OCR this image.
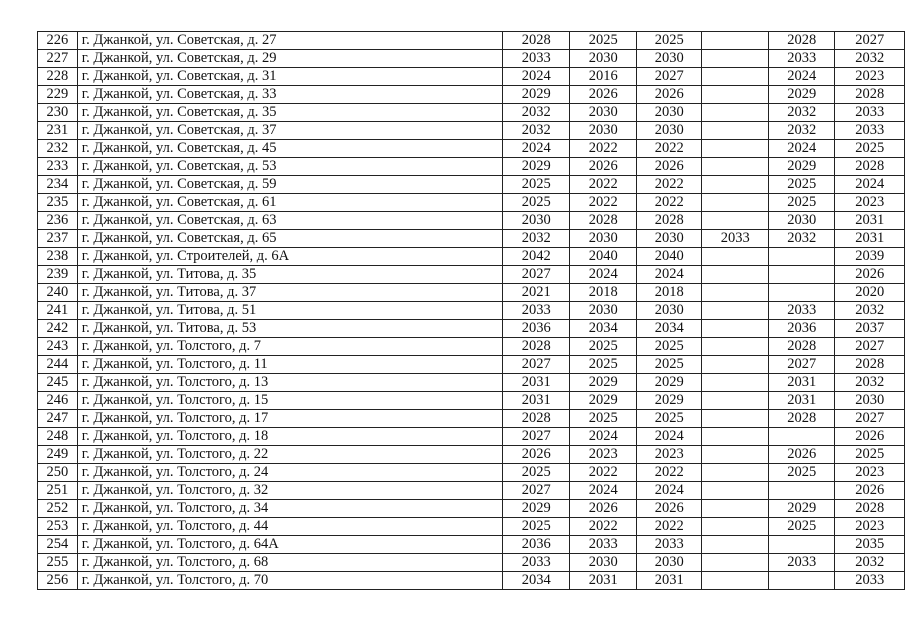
226	г. Джанкой, ул. Советская, д. 27	2028	2025	2025		2028	2027
227	г. Джанкой, ул. Советская, д. 29	2033	2030	2030		2033	2032
228	г. Джанкой, ул. Советская, д. 31	2024	2016	2027		2024	2023
229	г. Джанкой, ул. Советская, д. 33	2029	2026	2026		2029	2028
230	г. Джанкой, ул. Советская, д. 35	2032	2030	2030		2032	2033
231	г. Джанкой, ул. Советская, д. 37	2032	2030	2030		2032	2033
232	г. Джанкой, ул. Советская, д. 45	2024	2022	2022		2024	2025
233	г. Джанкой, ул. Советская, д. 53	2029	2026	2026		2029	2028
234	г. Джанкой, ул. Советская, д. 59	2025	2022	2022		2025	2024
235	г. Джанкой, ул. Советская, д. 61	2025	2022	2022		2025	2023
236	г. Джанкой, ул. Советская, д. 63	2030	2028	2028		2030	2031
237	г. Джанкой, ул. Советская, д. 65	2032	2030	2030	2033	2032	2031
238	г. Джанкой, ул. Строителей, д. 6А	2042	2040	2040			2039
239	г. Джанкой, ул. Титова, д. 35	2027	2024	2024			2026
240	г. Джанкой, ул. Титова, д. 37	2021	2018	2018			2020
241	г. Джанкой, ул. Титова, д. 51	2033	2030	2030		2033	2032
242	г. Джанкой, ул. Титова, д. 53	2036	2034	2034		2036	2037
243	г. Джанкой, ул. Толстого, д. 7	2028	2025	2025		2028	2027
244	г. Джанкой, ул. Толстого, д. 11	2027	2025	2025		2027	2028
245	г. Джанкой, ул. Толстого, д. 13	2031	2029	2029		2031	2032
246	г. Джанкой, ул. Толстого, д. 15	2031	2029	2029		2031	2030
247	г. Джанкой, ул. Толстого, д. 17	2028	2025	2025		2028	2027
248	г. Джанкой, ул. Толстого, д. 18	2027	2024	2024			2026
249	г. Джанкой, ул. Толстого, д. 22	2026	2023	2023		2026	2025
250	г. Джанкой, ул. Толстого, д. 24	2025	2022	2022		2025	2023
251	г. Джанкой, ул. Толстого, д. 32	2027	2024	2024			2026
252	г. Джанкой, ул. Толстого, д. 34	2029	2026	2026		2029	2028
253	г. Джанкой, ул. Толстого, д. 44	2025	2022	2022		2025	2023
254	г. Джанкой, ул. Толстого, д. 64А	2036	2033	2033			2035
255	г. Джанкой, ул. Толстого, д. 68	2033	2030	2030		2033	2032
256	г. Джанкой, ул. Толстого, д. 70	2034	2031	2031			2033
